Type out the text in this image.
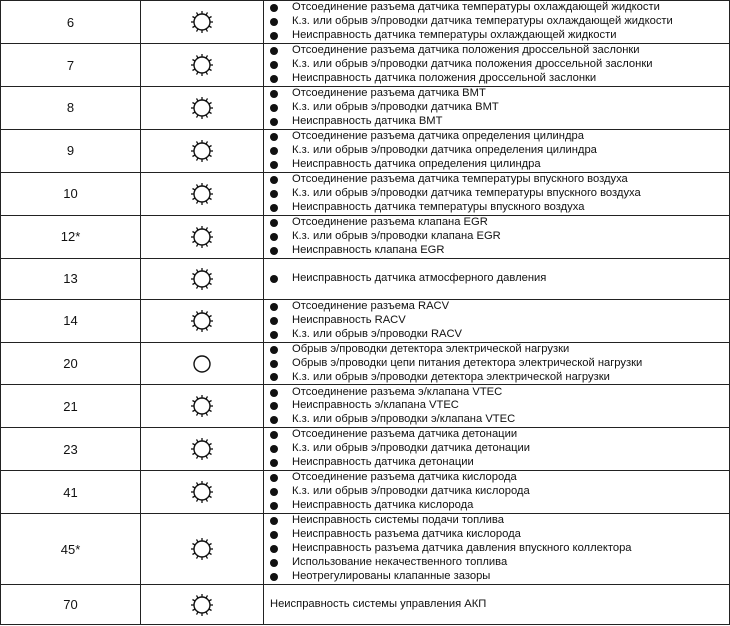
6		Отсоединение разъема датчика температуры охлаждающей жидкости
К.з. или обрыв э/проводки датчика температуры охлаждающей жидкости
Неисправность датчика температуры охлаждающей жидкости

7		Отсоединение разъема датчика положения дроссельной заслонки
К.з. или обрыв э/проводки датчика положения дроссельной заслонки
Неисправность датчика положения дроссельной заслонки

8		Отсоединение разъема датчика ВМТ
К.з. или обрыв э/проводки датчика ВМТ
Неисправность датчика ВМТ

9		Отсоединение разъема датчика определения цилиндра
К.з. или обрыв э/проводки датчика определения цилиндра
Неисправность датчика определения цилиндра

10		Отсоединение разъема датчика температуры впускного воздуха
К.з. или обрыв э/проводки датчика температуры впускного воздуха
Неисправность датчика температуры впускного воздуха

12*		Отсоединение разъема клапана EGR
К.з. или обрыв э/проводки клапана EGR
Неисправность клапана EGR

13		Неисправность датчика атмосферного давления

14		Отсоединение разъема RACV
Неисправность RACV
К.з. или обрыв э/проводки RACV

20		Обрыв э/проводки детектора электрической нагрузки
Обрыв э/проводки цепи питания детектора электрической нагрузки
К.з. или обрыв э/проводки детектора электрической нагрузки

21		Отсоединение разъема э/клапана VTEC
Неисправность э/клапана VTEC
К.з. или обрыв э/проводки э/клапана VTEC

23		Отсоединение разъема датчика детонации
К.з. или обрыв э/проводки датчика детонации
Неисправность датчика детонации

41		Отсоединение разъема датчика кислорода
К.з. или обрыв э/проводки датчика кислорода
Неисправность датчика кислорода

45*		Неисправность системы подачи топлива
Неисправность разъема датчика кислорода
Неисправность разъема датчика давления впускного коллектора
Использование некачественного топлива
Неотрегулированы клапанные зазоры

70		Неисправность системы управления АКП
